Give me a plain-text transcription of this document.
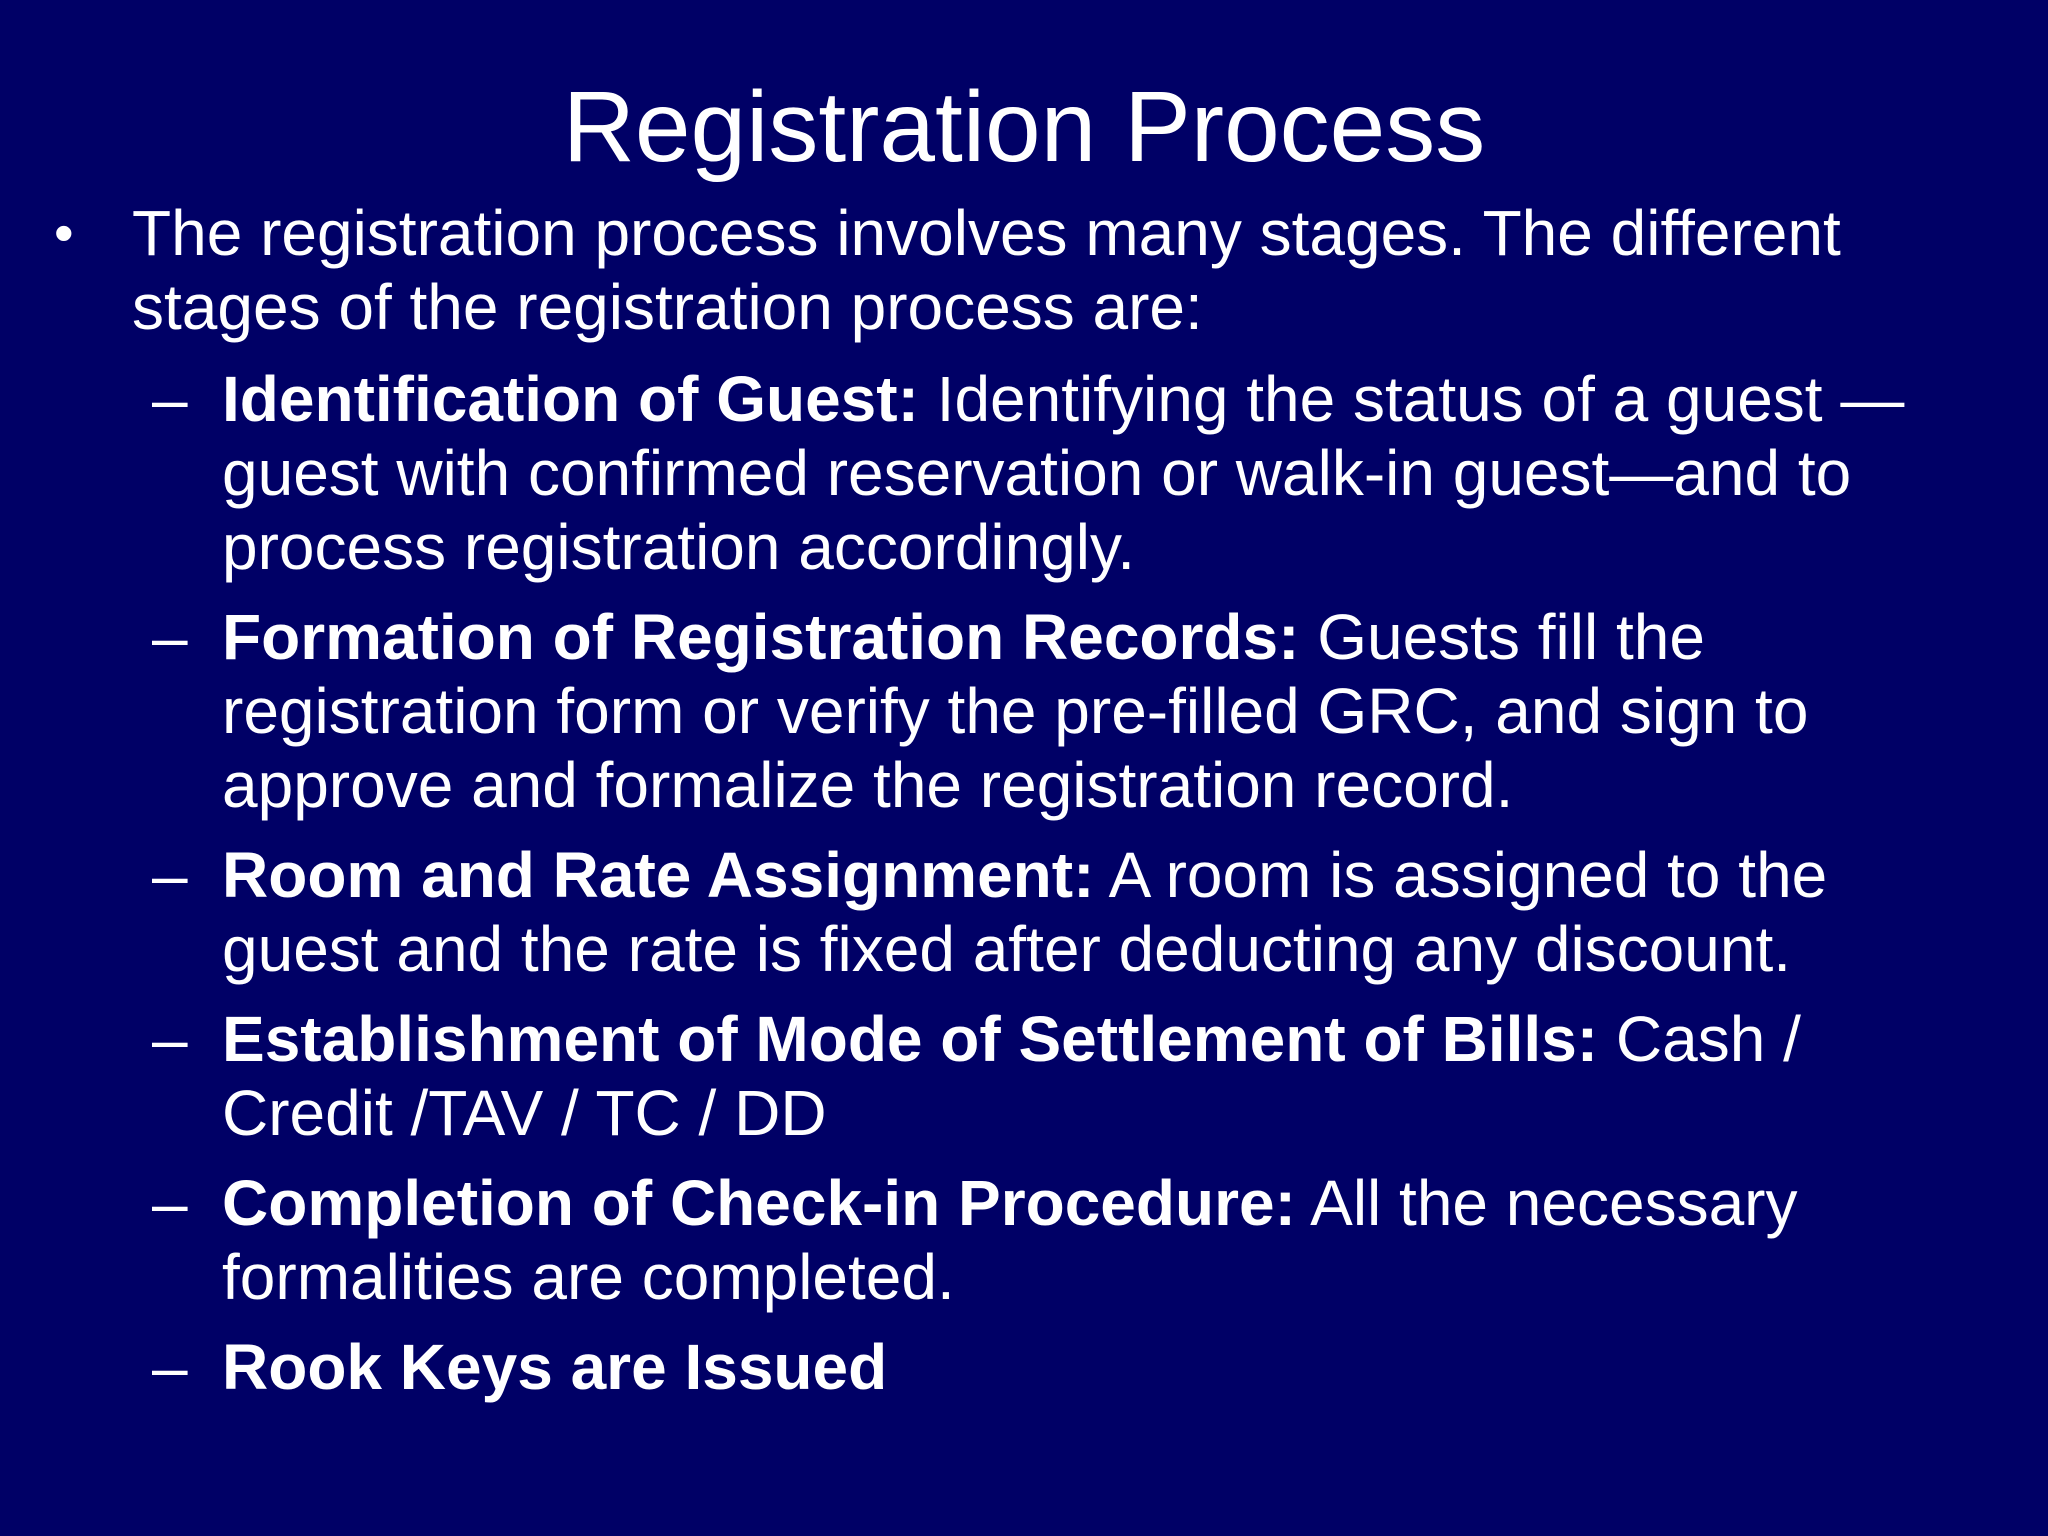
Registration Process
• The registration process involves many stages. The different stages of the registration process are:
– Identification of Guest: Identifying the status of a guest —guest with confirmed reservation or walk-in guest—and to process registration accordingly.
– Formation of Registration Records: Guests fill the registration form or verify the pre-filled GRC, and sign to approve and formalize the registration record.
– Room and Rate Assignment: A room is assigned to the guest and the rate is fixed after deducting any discount.
– Establishment of Mode of Settlement of Bills: Cash / Credit /TAV / TC / DD
– Completion of Check-in Procedure: All the necessary formalities are completed.
– Rook Keys are Issued
